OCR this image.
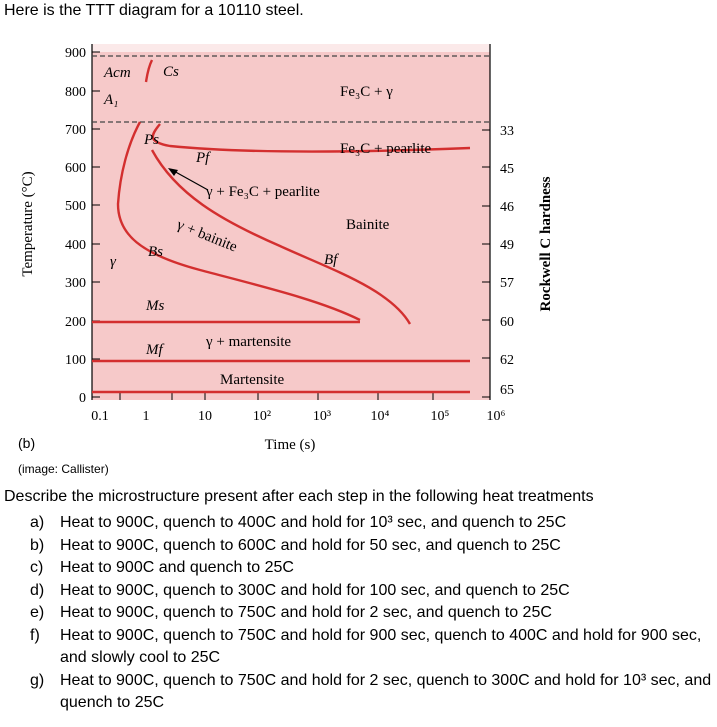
Here is the TTT diagram for a 10110 steel.
900
800
700
600
500
400
300
200
100
0
Temperature (°C)
33
45
46
49
57
60
62
65
Rockwell C hardness
0.1 1	10	10²	10³	10⁴	10⁵	10⁶
Time (s)
(b)
Acm
A₁
Cs
Ps
Pf
Bs	Bf
Ms
Mf
γ
Fe₃C + γ
Fe₃C + pearlite
γ + Fe₃C + pearlite
Bainite
γ + bainite
γ + martensite
Martensite
(image: Callister)
Describe the microstructure present after each step in the following heat treatments
a) Heat to 900C, quench to 400C and hold for 10³ sec, and quench to 25C
b) Heat to 900C, quench to 600C and hold for 50 sec, and quench to 25C
c)	Heat to 900C and quench to 25C
d) Heat to 900C, quench to 300C and hold for 100 sec, and quench to 25C
e) Heat to 900C, quench to 750C and hold for 2 sec, and quench to 25C
f)	Heat to 900C, quench to 750C and hold for 900 sec, quench to 400C and hold for 900 sec, and slowly cool to 25C
g) Heat to 900C, quench to 750C and hold for 2 sec, quench to 300C and hold for 10³ sec, and quench to 25C
